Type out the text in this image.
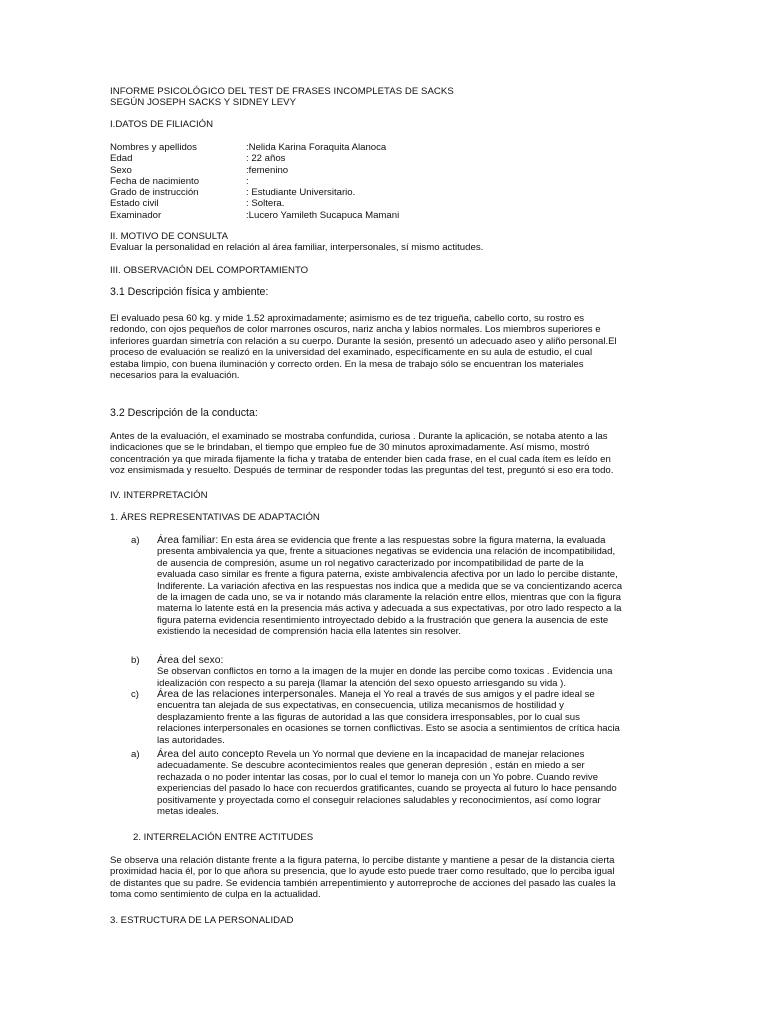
INFORME PSICOLÓGICO DEL TEST DE FRASES INCOMPLETAS DE SACKS
SEGÚN JOSEPH SACKS Y SIDNEY LEVY
I.DATOS DE FILIACIÓN
Nombres y apellidos	:Nelida Karina Foraquita Alanoca
Edad	: 22 años
Sexo	:femenino
Fecha de nacimiento	:
Grado de instrucción	: Estudiante Universitario.
Estado civil	: Soltera.
Examinador	:Lucero Yamileth Sucapuca Mamani
II. MOTIVO DE CONSULTA
Evaluar la personalidad en relación al área familiar, interpersonales, sí mismo actitudes.
III. OBSERVACIÓN DEL COMPORTAMIENTO
3.1 Descripción física y ambiente:
El evaluado pesa 60 kg. y mide 1.52 aproximadamente; asimismo es de tez trigueña, cabello corto, su rostro es
redondo, con ojos pequeños de color marrones oscuros, nariz ancha y labios normales. Los miembros superiores e
inferiores guardan simetría con relación a su cuerpo. Durante la sesión, presentó un adecuado aseo y aliño personal.El
proceso de evaluación se realizó en la universidad del examinado, específicamente en su aula de estudio, el cual
estaba limpio, con buena iluminación y correcto orden. En la mesa de trabajo sólo se encuentran los materiales
necesarios para la evaluación.
3.2 Descripción de la conducta:
Antes de la evaluación, el examinado se mostraba confundida, curiosa . Durante la aplicación, se notaba atento a las
indicaciones que se le brindaban, el tiempo que empleo fue de 30 minutos aproximadamente. Así mismo, mostró
concentración ya que mirada fijamente la ficha y trataba de entender bien cada frase, en el cual cada ítem es leído en
voz ensimismada y resuelto. Después de terminar de responder todas las preguntas del test, preguntó si eso era todo.
IV. INTERPRETACIÓN
1. ÁRES REPRESENTATIVAS DE ADAPTACIÓN
a)	Área familiar: En esta área se evidencia que frente a las respuestas sobre la figura materna, la evaluada
presenta ambivalencia ya que, frente a situaciones negativas se evidencia una relación de incompatibilidad,
de ausencia de compresión, asume un rol negativo caracterizado por incompatibilidad de parte de la
evaluada caso similar es frente a figura paterna, existe ambivalencia afectiva por un lado lo percibe distante,
Indiferente. La variación afectiva en las respuestas nos indica que a medida que se va concientizando acerca
de la imagen de cada uno, se va ir notando más claramente la relación entre ellos, mientras que con la figura
materna lo latente está en la presencia más activa y adecuada a sus expectativas, por otro lado respecto a la
figura paterna evidencia resentimiento introyectado debido a la frustración que genera la ausencia de este
existiendo la necesidad de comprensión hacia ella latentes sin resolver.
b)	Área del sexo:
Se observan conflictos en torno a la imagen de la mujer en donde las percibe como toxicas . Evidencia una
idealización con respecto a su pareja (llamar la atención del sexo opuesto arriesgando su vida ).
c)	Área de las relaciones interpersonales. Maneja el Yo real a través de sus amigos y el padre ideal se
encuentra tan alejada de sus expectativas, en consecuencia, utiliza mecanismos de hostilidad y
desplazamiento frente a las figuras de autoridad a las que considera irresponsables, por lo cual sus
relaciones interpersonales en ocasiones se tornen conflictivas. Esto se asocia a sentimientos de crítica hacia
las autoridades.
a)	Área del auto concepto Revela un Yo normal que deviene en la incapacidad de manejar relaciones
adecuadamente. Se descubre acontecimientos reales que generan depresión , están en miedo a ser
rechazada o no poder intentar las cosas, por lo cual el temor lo maneja con un Yo pobre. Cuando revive
experiencias del pasado lo hace con recuerdos gratificantes, cuando se proyecta al futuro lo hace pensando
positivamente y proyectada como el conseguir relaciones saludables y reconocimientos, así como lograr
metas ideales.
2. INTERRELACIÓN ENTRE ACTITUDES
Se observa una relación distante frente a la figura paterna, lo percibe distante y mantiene a pesar de la distancia cierta
proximidad hacia él, por lo que añora su presencia, que lo ayude esto puede traer como resultado, que lo perciba igual
de distantes que su padre. Se evidencia también arrepentimiento y autorreproche de acciones del pasado las cuales la
toma como sentimiento de culpa en la actualidad.
3. ESTRUCTURA DE LA PERSONALIDAD
